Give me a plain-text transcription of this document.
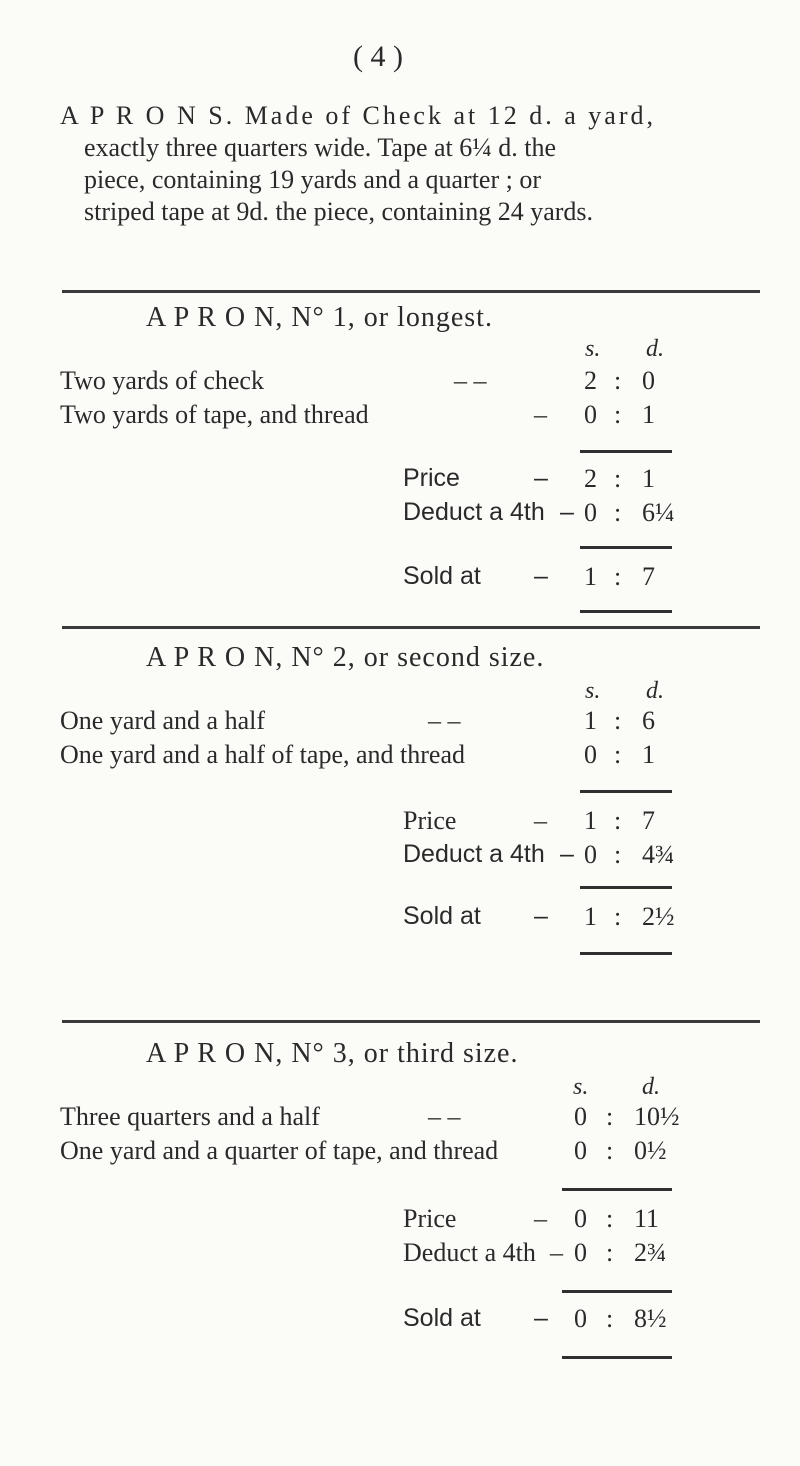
( 4 )

A P R O N S. Made of Check at 12 d. a yard,

exactly three quarters wide. Tape at 6¼ d. the

piece, containing 19 yards and a quarter ; or

striped tape at 9d. the piece, containing 24 yards.

A P R O N, N° 1, or longest.
s. d.
Two yards of check	– –	2 : 0
Two yards of tape, and thread	– 0 : 1
Price	– 2 : 1
Deduct a 4th – 0 : 6¼
Sold at – 1 : 7
A P R O N, N° 2, or second size.
s. d.
One yard and a half	– –	1 : 6
One yard and a half of tape, and thread	0 : 1
Price	– 1 : 7
Deduct a 4th – 0 : 4¾
Sold at – 1 : 2½
A P R O N, N° 3, or third size.
s. d.
Three quarters and a half	– –	0 : 10½
One yard and a quarter of tape, and thread	0 : 0½
Price	– 0 : 11
Deduct a 4th – 0 : 2¾
Sold at – 0 : 8½
